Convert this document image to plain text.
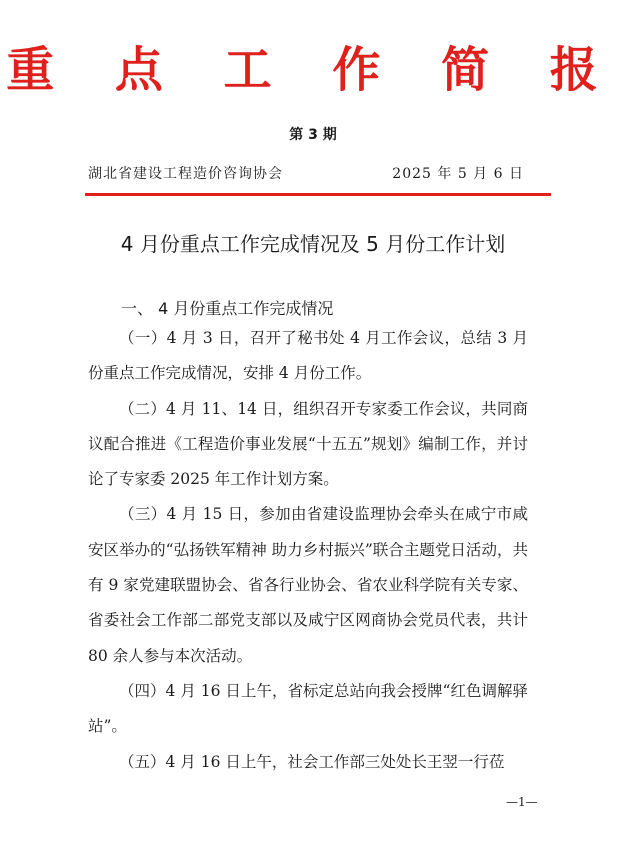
重 点 工 作 简 报
第 3 期
湖北省建设工程造价咨询协会	2025 年 5 月 6 日
4 月份重点工作完成情况及 5 月份工作计划
一、 4 月份重点工作完成情况

（一）4 月 3 日，召开了秘书处 4 月工作会议，总结 3 月份重点工作完成情况，安排 4 月份工作。

（二）4 月 11、14 日，组织召开专家委工作会议，共同商议配合推进《工程造价事业发展“十五五”规划》编制工作，并讨论了专家委 2025 年工作计划方案。

（三）4 月 15 日，参加由省建设监理协会牵头在咸宁市咸安区举办的“弘扬铁军精神 助力乡村振兴”联合主题党日活动，共有 9 家党建联盟协会、省各行业协会、省农业科学院有关专家、省委社会工作部二部党支部以及咸宁区网商协会党员代表，共计 80 余人参与本次活动。

（四）4 月 16 日上午，省标定总站向我会授牌“红色调解驿站”。

（五）4 月 16 日上午，社会工作部三处处长王翌一行莅

—1—
